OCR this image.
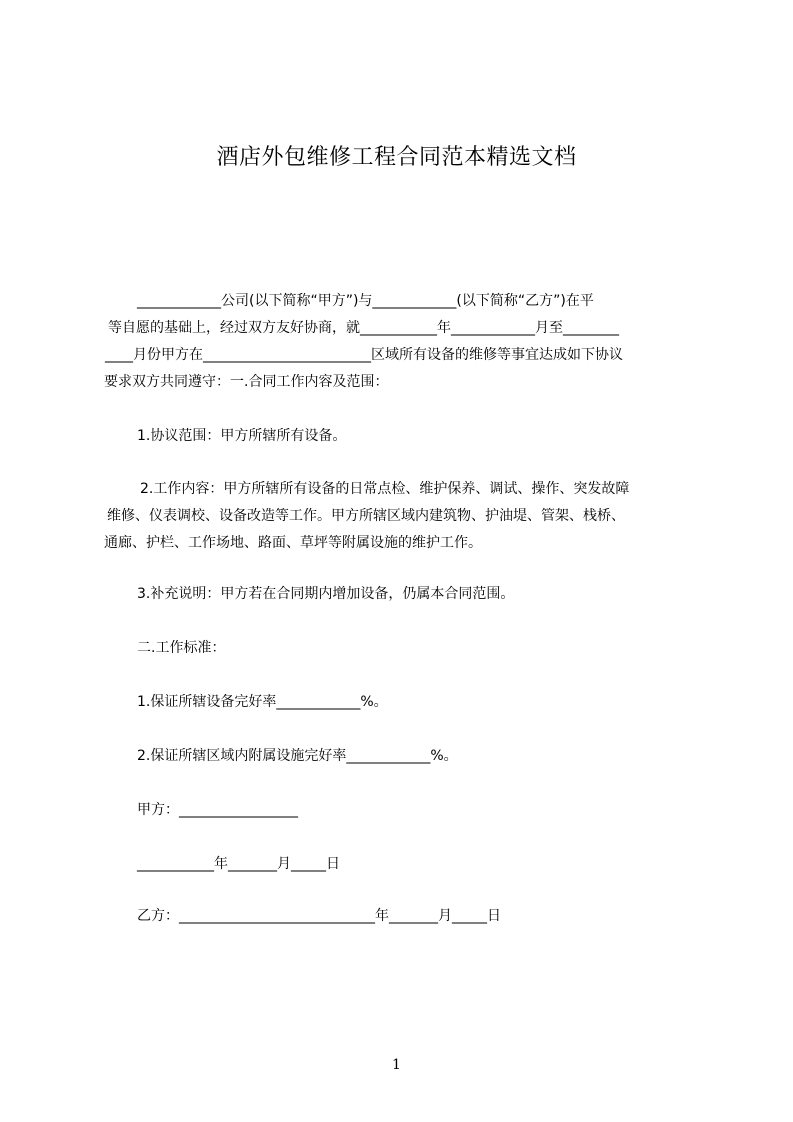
酒店外包维修工程合同范本精选文档
____________公司(以下简称“甲方”)与____________(以下简称“乙方”)在平
等自愿的基础上，经过双方友好协商，就___________年____________月至________
____月份甲方在________________________区域所有设备的维修等事宜达成如下协议
要求双方共同遵守：一.合同工作内容及范围：
1.协议范围：甲方所辖所有设备。
2.工作内容：甲方所辖所有设备的日常点检、维护保养、调试、操作、突发故障
维修、仪表调校、设备改造等工作。甲方所辖区域内建筑物、护油堤、管架、栈桥、
通廊、护栏、工作场地、路面、草坪等附属设施的维护工作。
3.补充说明：甲方若在合同期内增加设备，仍属本合同范围。
二.工作标准：
1.保证所辖设备完好率____________%。
2.保证所辖区域内附属设施完好率____________%。
甲方：_________________
___________年_______月_____日
乙方：____________________________年_______月_____日
1
